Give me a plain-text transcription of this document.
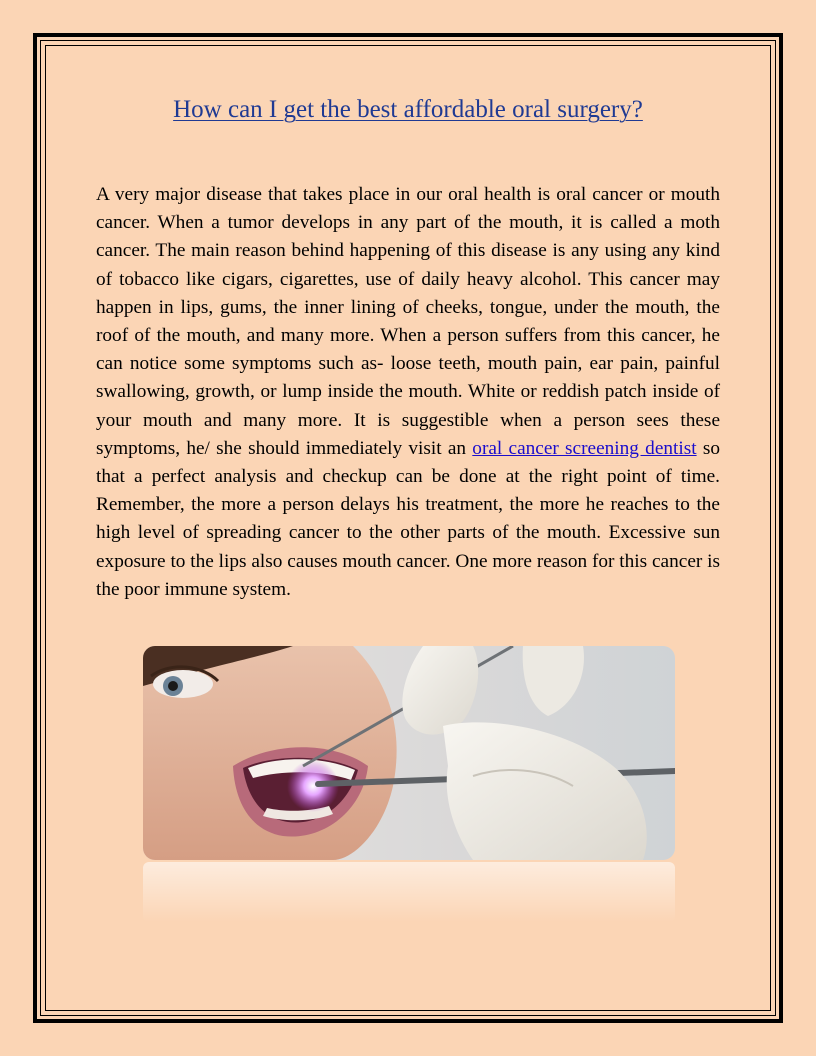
How can I get the best affordable oral surgery?

A very major disease that takes place in our oral health is oral cancer or mouth cancer. When a tumor develops in any part of the mouth, it is called a moth cancer. The main reason behind happening of this disease is any using any kind of tobacco like cigars, cigarettes, use of daily heavy alcohol. This cancer may happen in lips, gums, the inner lining of cheeks, tongue, under the mouth, the roof of the mouth, and many more. When a person suffers from this cancer, he can notice some symptoms such as- loose teeth, mouth pain, ear pain, painful swallowing, growth, or lump inside the mouth. White or reddish patch inside of your mouth and many more. It is suggestible when a person sees these symptoms, he/ she should immediately visit an oral cancer screening dentist so that a perfect analysis and checkup can be done at the right point of time. Remember, the more a person delays his treatment, the more he reaches to the high level of spreading cancer to the other parts of the mouth. Excessive sun exposure to the lips also causes mouth cancer. One more reason for this cancer is the poor immune system.
